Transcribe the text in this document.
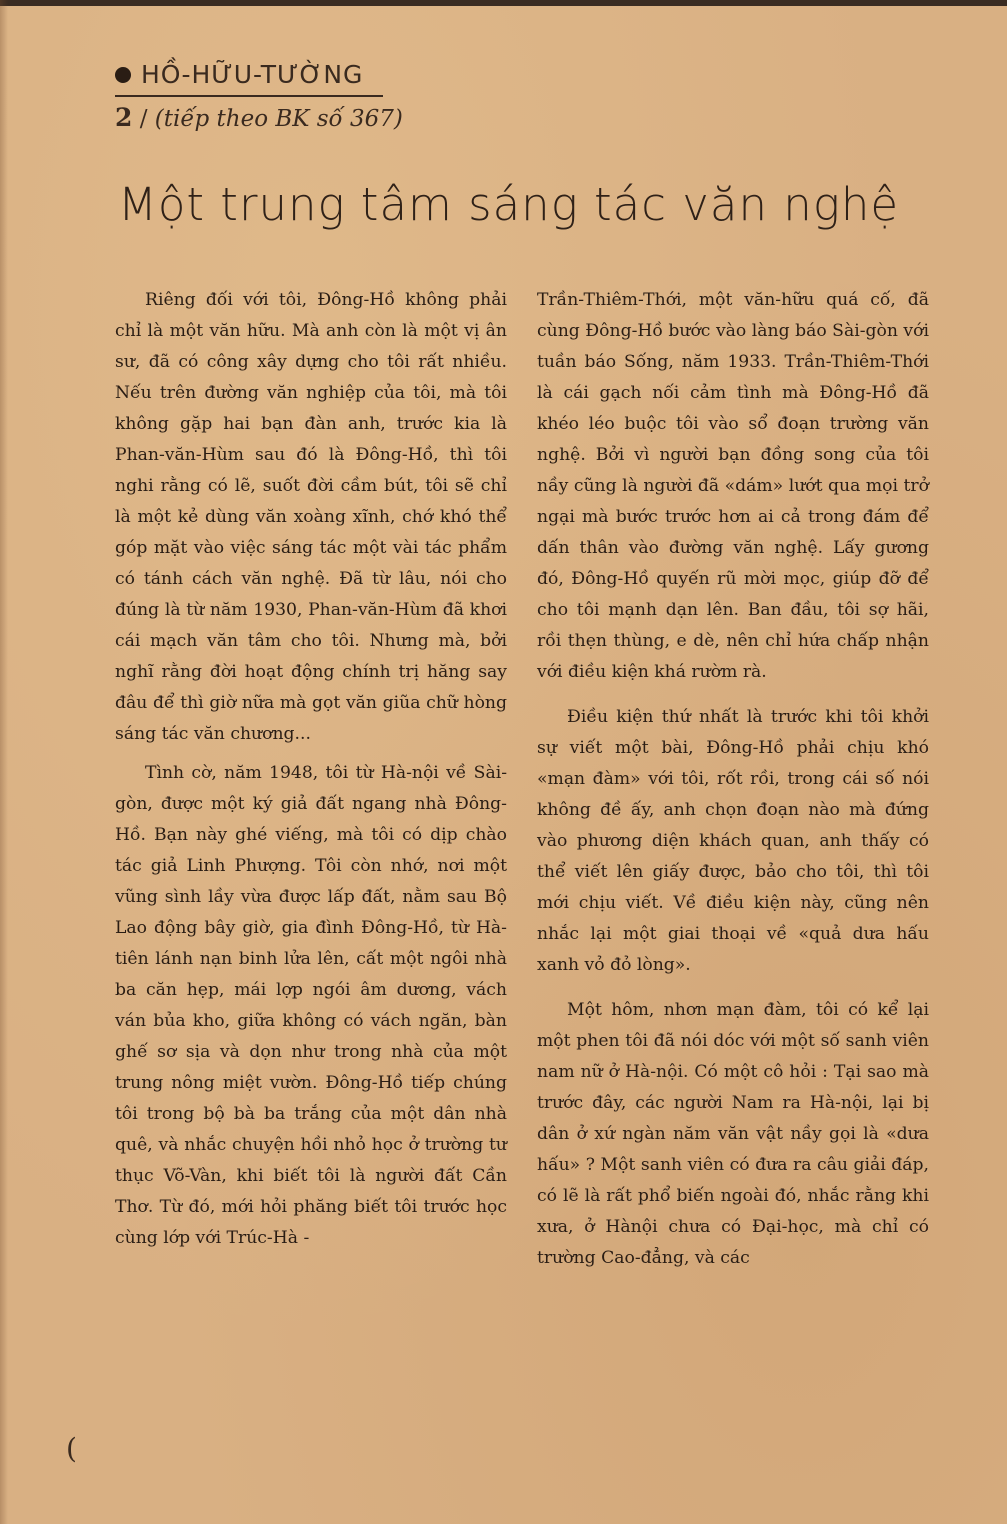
HỒ-HỮU-TƯỜNG
2 / (tiếp theo BK số 367)
Một trung tâm sáng tác văn nghệ

Riêng đối với tôi, Đông-Hồ không phải chỉ là một văn hữu. Mà anh còn là một vị ân sư, đã có công xây dựng cho tôi rất nhiều. Nếu trên đường văn nghiệp của tôi, mà tôi không gặp hai bạn đàn anh, trước kia là Phan-văn-Hùm sau đó là Đông-Hồ, thì tôi nghi rằng có lẽ, suốt đời cầm bút, tôi sẽ chỉ là một kẻ dùng văn xoàng xĩnh, chớ khó thể góp mặt vào việc sáng tác một vài tác phẩm có tánh cách văn nghệ. Đã từ lâu, nói cho đúng là từ năm 1930, Phan-văn-Hùm đã khơi cái mạch văn tâm cho tôi. Nhưng mà, bởi nghĩ rằng đời hoạt động chính trị hăng say đâu để thì giờ nữa mà gọt văn giũa chữ hòng sáng tác văn chương...

Tình cờ, năm 1948, tôi từ Hà-nội về Sài-gòn, được một ký giả đất ngang nhà Đông-Hồ. Bạn này ghé viếng, mà tôi có dịp chào tác giả Linh Phượng. Tôi còn nhớ, nơi một vũng sình lầy vừa được lấp đất, nằm sau Bộ Lao động bây giờ, gia đình Đông-Hồ, từ Hà-tiên lánh nạn binh lửa lên, cất một ngôi nhà ba căn hẹp, mái lợp ngói âm dương, vách ván bủa kho, giữa không có vách ngăn, bàn ghế sơ sịa và dọn như trong nhà của một trung nông miệt vườn. Đông-Hồ tiếp chúng tôi trong bộ bà ba trắng của một dân nhà quê, và nhắc chuyện hồi nhỏ học ở trường tư thục Võ-Vàn, khi biết tôi là người đất Cần Thơ. Từ đó, mới hỏi phăng biết tôi trước học cùng lớp với Trúc-Hà -

Trần-Thiêm-Thới, một văn-hữu quá cố, đã cùng Đông-Hồ bước vào làng báo Sài-gòn với tuần báo Sống, năm 1933. Trần-Thiêm-Thới là cái gạch nối cảm tình mà Đông-Hồ đã khéo léo buộc tôi vào sổ đoạn trường văn nghệ. Bởi vì người bạn đồng song của tôi nầy cũng là người đã «dám» lướt qua mọi trở ngại mà bước trước hơn ai cả trong đám để dấn thân vào đường văn nghệ. Lấy gương đó, Đông-Hồ quyến rũ mời mọc, giúp đỡ để cho tôi mạnh dạn lên. Ban đầu, tôi sợ hãi, rồi thẹn thùng, e dè, nên chỉ hứa chấp nhận với điều kiện khá rườm rà.

Điều kiện thứ nhất là trước khi tôi khởi sự viết một bài, Đông-Hồ phải chịu khó «mạn đàm» với tôi, rốt rồi, trong cái số nói không đề ấy, anh chọn đoạn nào mà đứng vào phương diện khách quan, anh thấy có thể viết lên giấy được, bảo cho tôi, thì tôi mới chịu viết. Về điều kiện này, cũng nên nhắc lại một giai thoại về «quả dưa hấu xanh vỏ đỏ lòng».

Một hôm, nhơn mạn đàm, tôi có kể lại một phen tôi đã nói dóc với một số sanh viên nam nữ ở Hà-nội. Có một cô hỏi : Tại sao mà trước đây, các người Nam ra Hà-nội, lại bị dân ở xứ ngàn năm văn vật nầy gọi là «dưa hấu» ? Một sanh viên có đưa ra câu giải đáp, có lẽ là rất phổ biến ngoài đó, nhắc rằng khi xưa, ở Hànội chưa có Đại-học, mà chỉ có trường Cao-đẳng, và các

(
